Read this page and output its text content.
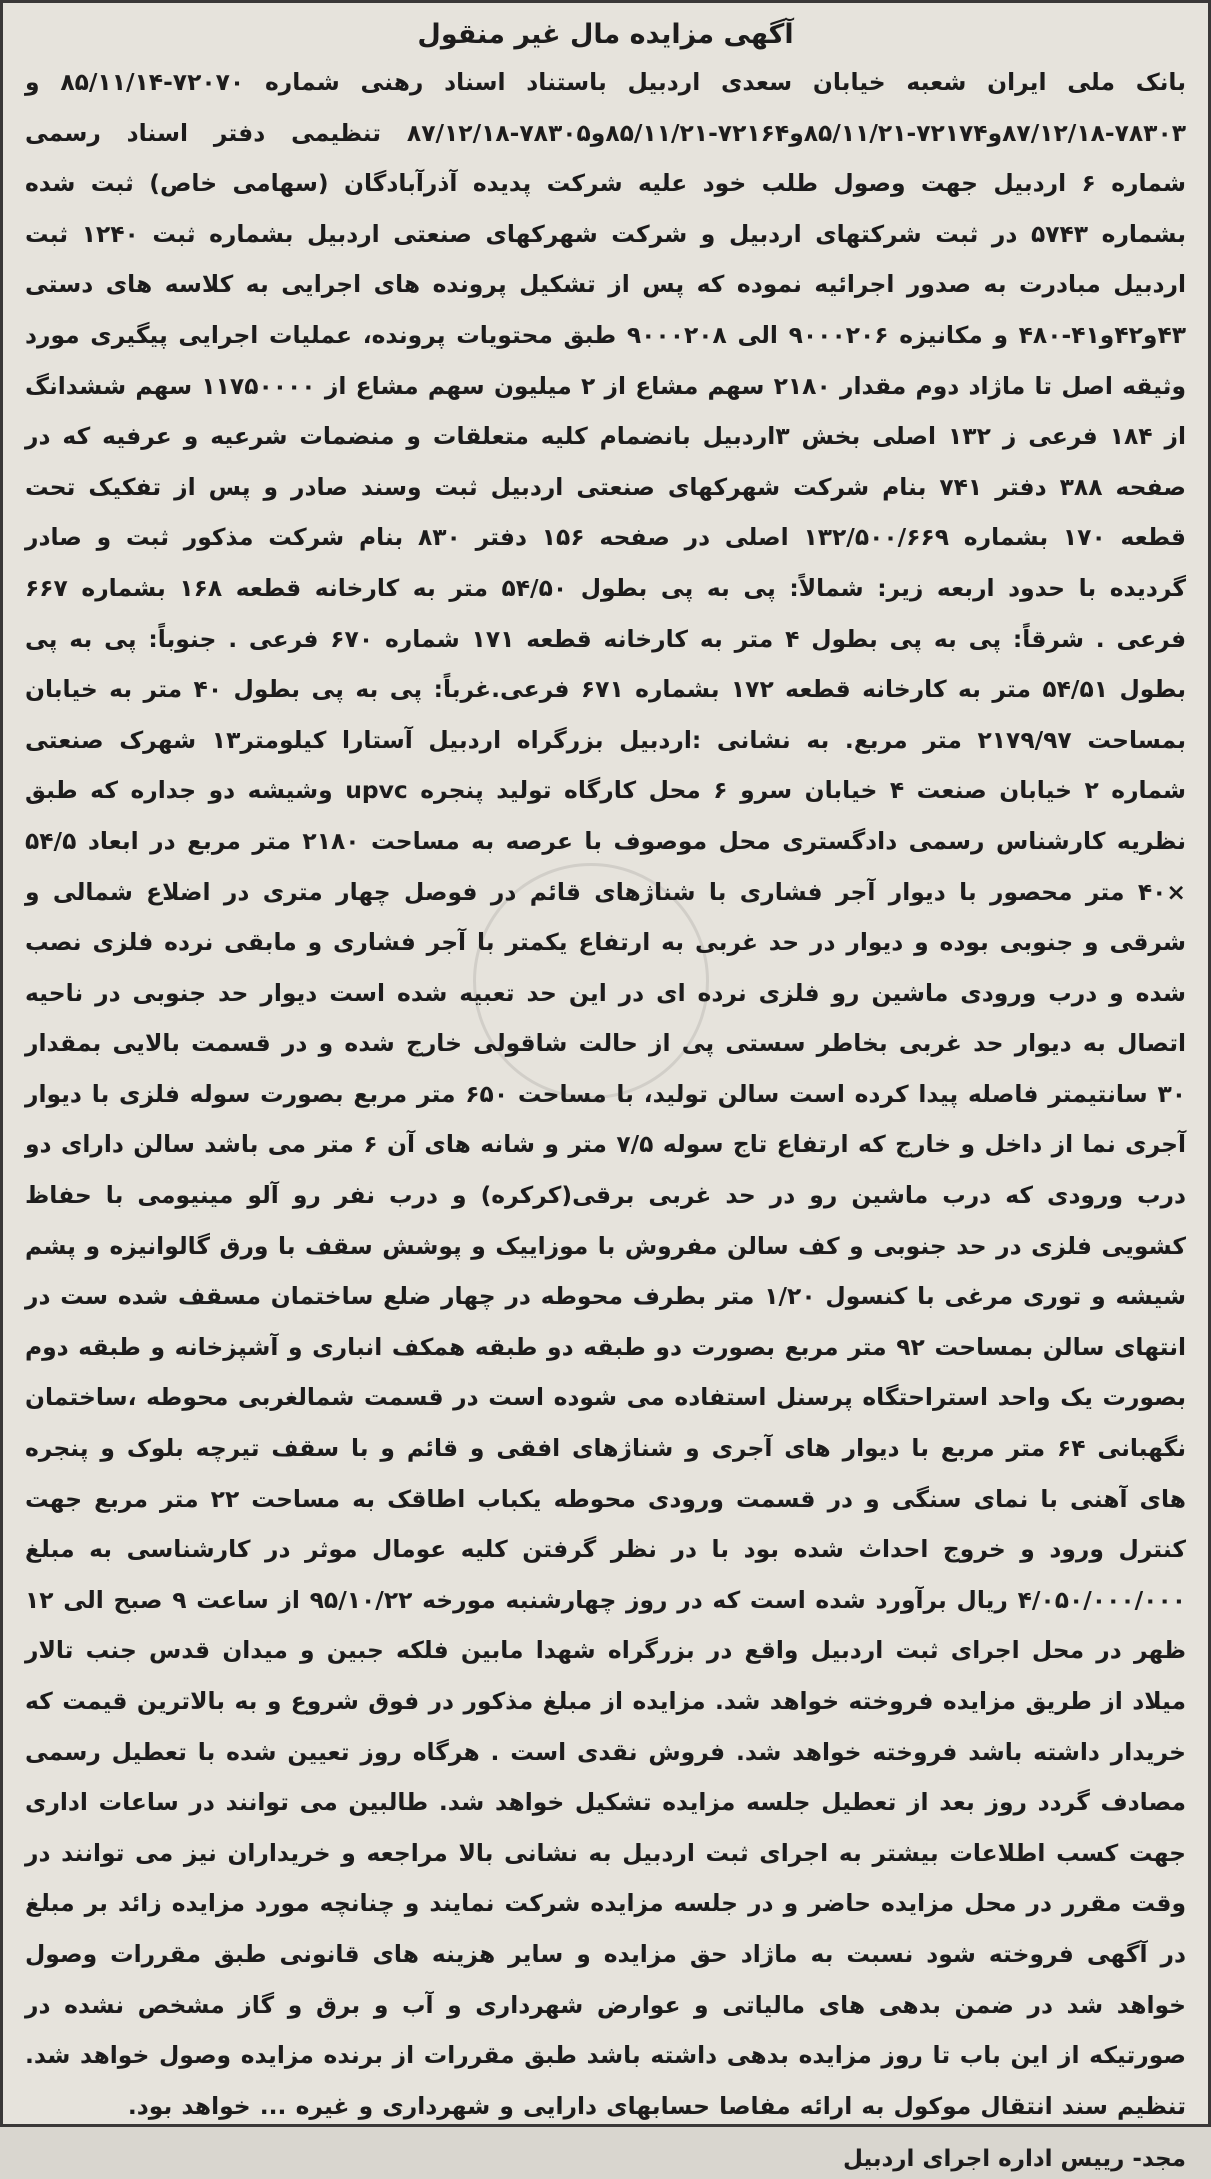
آگهی مزایده مال غیر منقول

بانک ملی ایران شعبه خیابان سعدی اردبیل باستناد اسناد رهنی شماره ۷۲۰۷۰-۸۵/۱۱/۱۴ و ۷۸۳۰۳-۸۷/۱۲/۱۸و۷۲۱۷۴-۸۵/۱۱/۲۱و۷۲۱۶۴-۸۵/۱۱/۲۱و۷۸۳۰۵-۸۷/۱۲/۱۸ تنظیمی دفتر اسناد رسمی شماره ۶ اردبیل جهت وصول طلب خود علیه شرکت پدیده آذرآبادگان (سهامی خاص) ثبت شده بشماره ۵۷۴۳ در ثبت شرکتهای اردبیل و شرکت شهرکهای صنعتی اردبیل بشماره ثبت ۱۲۴۰ ثبت اردبیل مبادرت به صدور اجرائیه نموده که پس از تشکیل پرونده های اجرایی به کلاسه های دستی ۴۳و۴۲و۴۱-۴۸۰ و مکانیزه ۹۰۰۰۲۰۶ الی ۹۰۰۰۲۰۸ طبق محتویات پرونده، عملیات اجرایی پیگیری مورد وثیقه اصل تا ماژاد دوم مقدار ۲۱۸۰ سهم مشاع از ۲ میلیون سهم مشاع از ۱۱۷۵۰۰۰۰ سهم ششدانگ از ۱۸۴ فرعی ز ۱۳۲ اصلی بخش ۳اردبیل بانضمام کلیه متعلقات و منضمات شرعیه و عرفیه که در صفحه ۳۸۸ دفتر ۷۴۱ بنام شرکت شهرکهای صنعتی اردبیل ثبت وسند صادر و پس از تفکیک تحت قطعه ۱۷۰ بشماره ۱۳۲/۵۰۰/۶۶۹ اصلی در صفحه ۱۵۶ دفتر ۸۳۰ بنام شرکت مذکور ثبت و صادر گردیده با حدود اربعه زیر: شمالاً: پی به پی بطول ۵۴/۵۰ متر به کارخانه قطعه ۱۶۸ بشماره ۶۶۷ فرعی . شرقاً: پی به پی بطول ۴ متر به کارخانه قطعه ۱۷۱ شماره ۶۷۰ فرعی . جنوباً: پی به پی بطول ۵۴/۵۱ متر به کارخانه قطعه ۱۷۲ بشماره ۶۷۱ فرعی.غرباً: پی به پی بطول ۴۰ متر به خیابان بمساحت ۲۱۷۹/۹۷ متر مربع. به نشانی :اردبیل بزرگراه اردبیل آستارا کیلومتر۱۳ شهرک صنعتی شماره ۲ خیابان صنعت ۴ خیابان سرو ۶ محل کارگاه تولید پنجره upvc وشیشه دو جداره که طبق نظریه کارشناس رسمی دادگستری محل موصوف با عرصه به مساحت ۲۱۸۰ متر مربع در ابعاد ۵۴/۵ ×۴۰ متر محصور با دیوار آجر فشاری با شناژهای قائم در فوصل چهار متری در اضلاع شمالی و شرقی و جنوبی بوده و دیوار در حد غربی به ارتفاع یکمتر با آجر فشاری و مابقی نرده فلزی نصب شده و درب ورودی ماشین رو فلزی نرده ای در این حد تعبیه شده است دیوار حد جنوبی در ناحیه اتصال به دیوار حد غربی بخاطر سستی پی از حالت شاقولی خارج شده و در قسمت بالایی بمقدار ۳۰ سانتیمتر فاصله پیدا کرده است سالن تولید، با مساحت ۶۵۰ متر مربع بصورت سوله فلزی با دیوار آجری نما از داخل و خارج که ارتفاع تاج سوله ۷/۵ متر و شانه های آن ۶ متر می باشد سالن دارای دو درب ورودی که درب ماشین رو در حد غربی برقی(کرکره) و درب نفر رو آلو مینیومی با حفاظ کشویی فلزی در حد جنوبی و کف سالن مفروش با موزاییک و پوشش سقف با ورق گالوانیزه و پشم شیشه و توری مرغی با کنسول ۱/۲۰ متر بطرف محوطه در چهار ضلع ساختمان مسقف شده ست در انتهای سالن بمساحت ۹۲ متر مربع بصورت دو طبقه دو طبقه همکف انباری و آشپزخانه و طبقه دوم بصورت یک واحد استراحتگاه پرسنل استفاده می شوده است در قسمت شمالغربی محوطه ،ساختمان نگهبانی ۶۴ متر مربع با دیوار های آجری و شناژهای افقی و قائم و با سقف تیرچه بلوک و پنجره های آهنی با نمای سنگی و در قسمت ورودی محوطه یکباب اطاقک به مساحت ۲۲ متر مربع جهت کنترل ورود و خروج احداث شده بود با در نظر گرفتن کلیه عومال موثر در کارشناسی به مبلغ ۴/۰۵۰/۰۰۰/۰۰۰ ریال برآورد شده است که در روز چهارشنبه مورخه ۹۵/۱۰/۲۲ از ساعت ۹ صبح الی ۱۲ ظهر در محل اجرای ثبت اردبیل واقع در بزرگراه شهدا مابین فلکه جبین و میدان قدس جنب تالار میلاد از طریق مزایده فروخته خواهد شد. مزایده از مبلغ مذکور در فوق شروع و به بالاترین قیمت که خریدار داشته باشد فروخته خواهد شد. فروش نقدی است . هرگاه روز تعیین شده با تعطیل رسمی مصادف گردد روز بعد از تعطیل جلسه مزایده تشکیل خواهد شد. طالبین می توانند در ساعات اداری جهت کسب اطلاعات بیشتر به اجرای ثبت اردبیل به نشانی بالا مراجعه و خریداران نیز می توانند در وقت مقرر در محل مزایده حاضر و در جلسه مزایده شرکت نمایند و چنانچه مورد مزایده زائد بر مبلغ در آگهی فروخته شود نسبت به ماژاد حق مزایده و سایر هزینه های قانونی طبق مقررات وصول خواهد شد در ضمن بدهی های مالیاتی و عوارض شهرداری و آب و برق و گاز مشخص نشده در صورتیکه از این باب تا روز مزایده بدهی داشته باشد طبق مقررات از برنده مزایده وصول خواهد شد. تنظیم سند انتقال موکول به ارائه مفاصا حسابهای دارایی و شهرداری و غیره ... خواهد بود.

مجد- رییس اداره اجرای اردبیل
